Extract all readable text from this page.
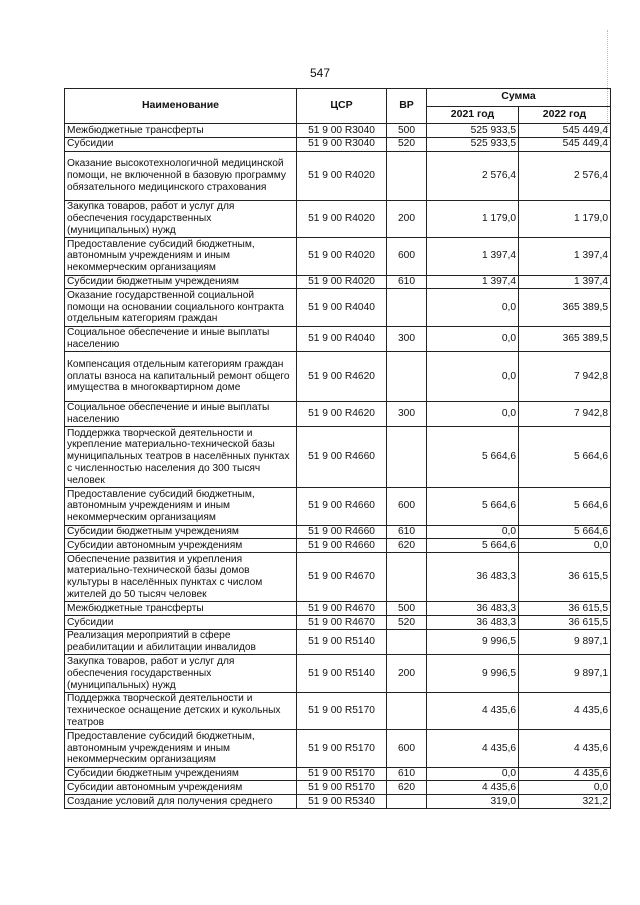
547
Наименование	ЦСР	ВР	Сумма	
			2021 год	2022 год
Межбюджетные трансферты	51 9 00 R3040	500	525 933,5	545 449,4
Субсидии	51 9 00 R3040	520	525 933,5	545 449,4
Оказание высокотехнологичной медицинской помощи, не включенной в базовую программу обязательного медицинского страхования	51 9 00 R4020		2 576,4	2 576,4
Закупка товаров, работ и услуг для обеспечения государственных (муниципальных) нужд	51 9 00 R4020	200	1 179,0	1 179,0
Предоставление субсидий бюджетным, автономным учреждениям и иным некоммерческим организациям	51 9 00 R4020	600	1 397,4	1 397,4
Субсидии бюджетным учреждениям	51 9 00 R4020	610	1 397,4	1 397,4
Оказание государственной социальной помощи на основании социального контракта отдельным категориям граждан	51 9 00 R4040		0,0	365 389,5
Социальное обеспечение и иные выплаты населению	51 9 00 R4040	300	0,0	365 389,5
Компенсация отдельным категориям граждан оплаты взноса на капитальный ремонт общего имущества в многоквартирном доме	51 9 00 R4620		0,0	7 942,8
Социальное обеспечение и иные выплаты населению	51 9 00 R4620	300	0,0	7 942,8
Поддержка творческой деятельности и укрепление материально-технической базы муниципальных театров в населённых пунктах с численностью населения до 300 тысяч человек	51 9 00 R4660		5 664,6	5 664,6
Предоставление субсидий бюджетным, автономным учреждениям и иным некоммерческим организациям	51 9 00 R4660	600	5 664,6	5 664,6
Субсидии бюджетным учреждениям	51 9 00 R4660	610	0,0	5 664,6
Субсидии автономным учреждениям	51 9 00 R4660	620	5 664,6	0,0
Обеспечение развития и укрепления материально-технической базы домов культуры в населённых пунктах с числом жителей до 50 тысяч человек	51 9 00 R4670		36 483,3	36 615,5
Межбюджетные трансферты	51 9 00 R4670	500	36 483,3	36 615,5
Субсидии	51 9 00 R4670	520	36 483,3	36 615,5
Реализация мероприятий в сфере реабилитации и абилитации инвалидов	51 9 00 R5140		9 996,5	9 897,1
Закупка товаров, работ и услуг для обеспечения государственных (муниципальных) нужд	51 9 00 R5140	200	9 996,5	9 897,1
Поддержка творческой деятельности и техническое оснащение детских и кукольных театров	51 9 00 R5170		4 435,6	4 435,6
Предоставление субсидий бюджетным, автономным учреждениям и иным некоммерческим организациям	51 9 00 R5170	600	4 435,6	4 435,6
Субсидии бюджетным учреждениям	51 9 00 R5170	610	0,0	4 435,6
Субсидии автономным учреждениям	51 9 00 R5170	620	4 435,6	0,0
Создание условий для получения среднего	51 9 00 R5340		319,0	321,2
